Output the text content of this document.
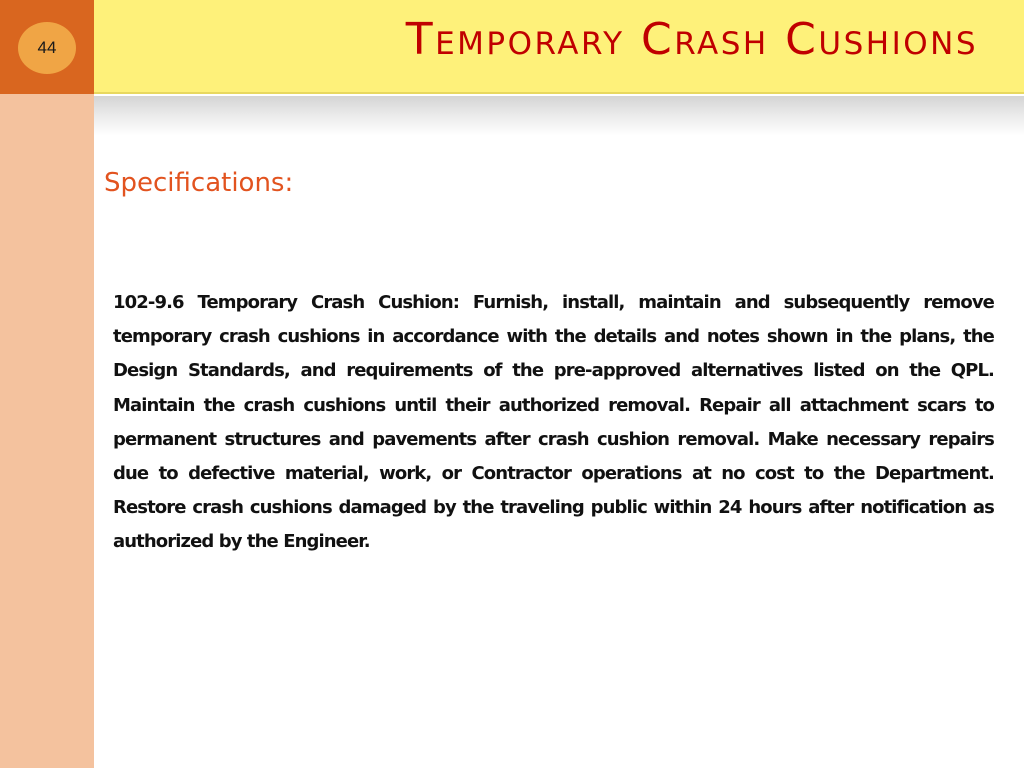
44	Temporary Crash Cushions
Specifications:

102-9.6 Temporary Crash Cushion: Furnish, install, maintain and subsequently remove temporary crash cushions in accordance with the details and notes shown in the plans, the Design Standards, and requirements of the pre-approved alternatives listed on the QPL. Maintain the crash cushions until their authorized removal. Repair all attachment scars to permanent structures and pavements after crash cushion removal. Make necessary repairs due to defective material, work, or Contractor operations at no cost to the Department. Restore crash cushions damaged by the traveling public within 24 hours after notification as authorized by the Engineer.
